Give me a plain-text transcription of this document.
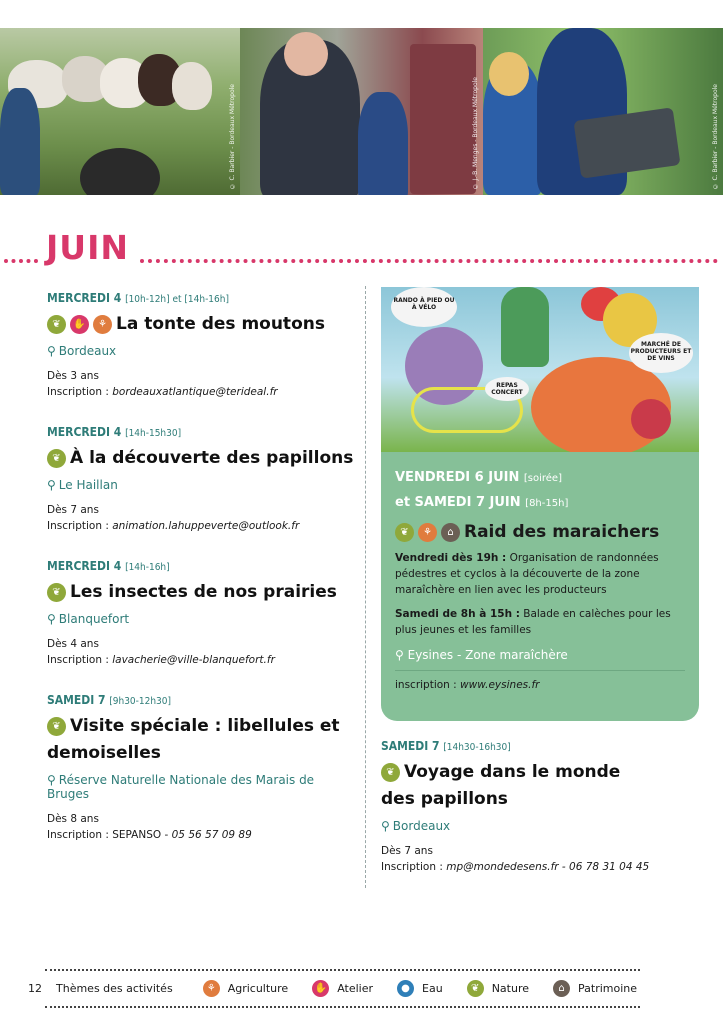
© C. Barbier - Bordeaux Métropole	© J.-B. Menges - Bordeaux Métropole	© C. Barbier - Bordeaux Métropole
JUIN
MERCREDI 4 [10h-12h] et [14h-16h]
❦	✋	⚘ La tonte des moutons
⚲ Bordeaux
Dès 3 ans
Inscription : bordeauxatlantique@terideal.fr
MERCREDI 4 [14h-15h30]
❦ À la découverte des papillons
⚲ Le Haillan
Dès 7 ans
Inscription : animation.lahuppeverte@outlook.fr
MERCREDI 4 [14h-16h]
❦ Les insectes de nos prairies
⚲ Blanquefort
Dès 4 ans
Inscription : lavacherie@ville-blanquefort.fr
SAMEDI 7 [9h30-12h30]
❦ Visite spéciale : libellules et
demoiselles
⚲ Réserve Naturelle Nationale des Marais de Bruges
Dès 8 ans
Inscription : SEPANSO - 05 56 57 09 89
RANDO À PIED OU À VÉLO
REPAS CONCERT
MARCHÉ DE PRODUCTEURS ET DE VINS
VENDREDI 6 JUIN [soirée]
et SAMEDI 7 JUIN [8h-15h]
❦	⚘	⌂ Raid des maraichers
Vendredi dès 19h : Organisation de randonnées pédestres et cyclos à la découverte de la zone maraîchère en lien avec les producteurs
Samedi de 8h à 15h : Balade en calèches pour les plus jeunes et les familles
⚲ Eysines - Zone maraîchère
inscription : www.eysines.fr
SAMEDI 7 [14h30-16h30]
❦ Voyage dans le monde
des papillons
⚲ Bordeaux
Dès 7 ans
Inscription : mp@mondedesens.fr - 06 78 31 04 45
12 Thèmes des activités	⚘	Agriculture	✋ Atelier	●	Eau	❦	Nature	⌂	Patrimoine
